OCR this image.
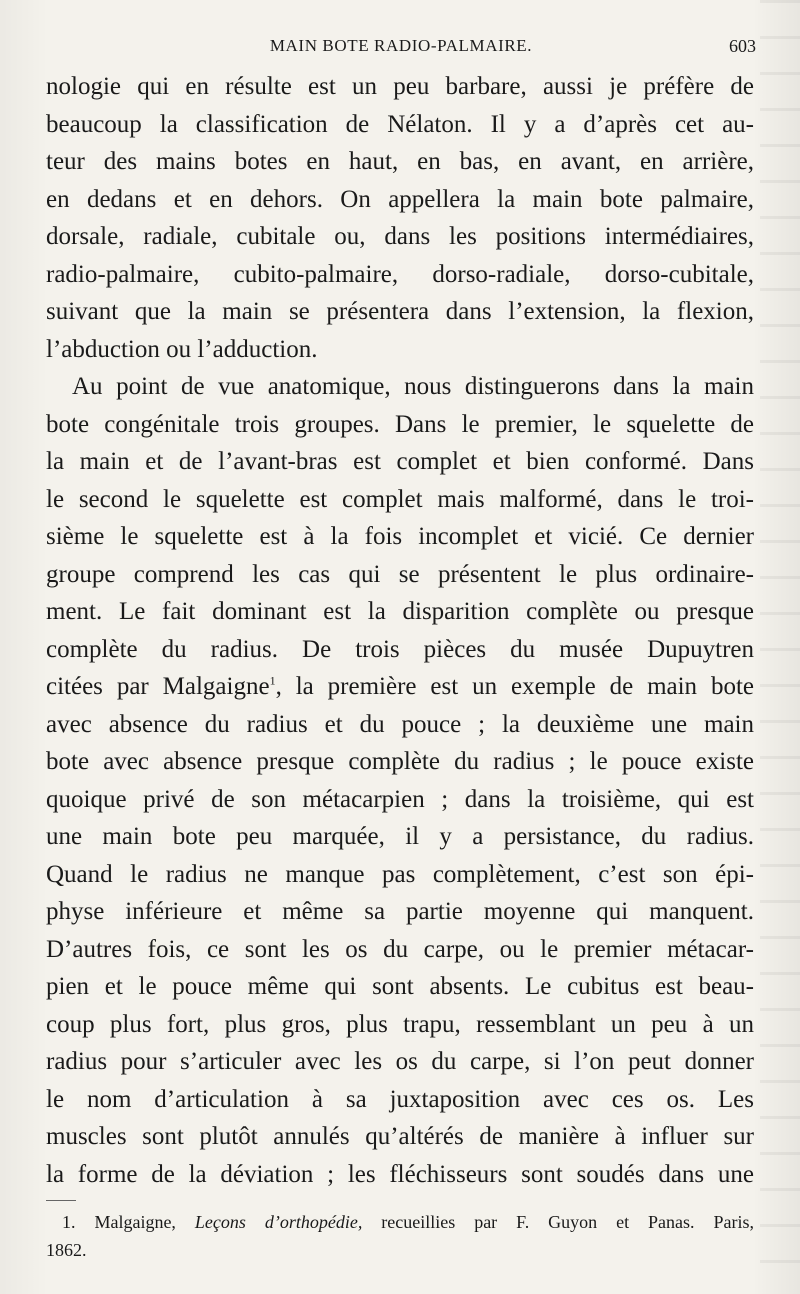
MAIN BOTE RADIO-PALMAIRE.	603
nologie qui en résulte est un peu barbare, aussi je préfère de
beaucoup la classification de Nélaton. Il y a d’après cet au-
teur des mains botes en haut, en bas, en avant, en arrière,
en dedans et en dehors. On appellera la main bote palmaire,
dorsale, radiale, cubitale ou, dans les positions intermédiaires,
radio-palmaire, cubito-palmaire, dorso-radiale, dorso-cubitale,
suivant que la main se présentera dans l’extension, la flexion,
l’abduction ou l’adduction.
Au point de vue anatomique, nous distinguerons dans la main
bote congénitale trois groupes. Dans le premier, le squelette de
la main et de l’avant-bras est complet et bien conformé. Dans
le second le squelette est complet mais malformé, dans le troi-
sième le squelette est à la fois incomplet et vicié. Ce dernier
groupe comprend les cas qui se présentent le plus ordinaire-
ment. Le fait dominant est la disparition complète ou presque
complète du radius. De trois pièces du musée Dupuytren
citées par Malgaigne$^1$, la première est un exemple de main bote
avec absence du radius et du pouce ; la deuxième une main
bote avec absence presque complète du radius ; le pouce existe
quoique privé de son métacarpien ; dans la troisième, qui est
une main bote peu marquée, il y a persistance, du radius.
Quand le radius ne manque pas complètement, c’est son épi-
physe inférieure et même sa partie moyenne qui manquent.
D’autres fois, ce sont les os du carpe, ou le premier métacar-
pien et le pouce même qui sont absents. Le cubitus est beau-
coup plus fort, plus gros, plus trapu, ressemblant un peu à un
radius pour s’articuler avec les os du carpe, si l’on peut donner
le nom d’articulation à sa juxtaposition avec ces os. Les
muscles sont plutôt annulés qu’altérés de manière à influer sur
la forme de la déviation ; les fléchisseurs sont soudés dans une
1. Malgaigne, Leçons d’orthopédie, recueillies par F. Guyon et Panas. Paris,
1862.
